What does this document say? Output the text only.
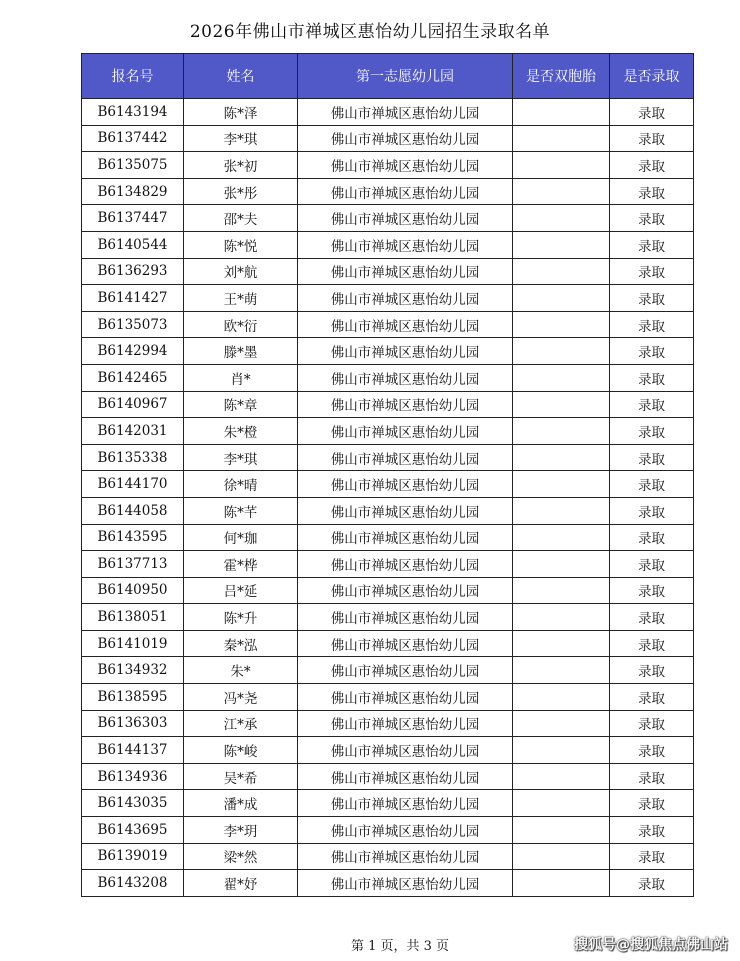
2026年佛山市禅城区惠怡幼儿园招生录取名单
报名号	姓名	第一志愿幼儿园	是否双胞胎	是否录取
B6143194	陈*泽	佛山市禅城区惠怡幼儿园		录取
B6137442	李*琪	佛山市禅城区惠怡幼儿园		录取
B6135075	张*初	佛山市禅城区惠怡幼儿园		录取
B6134829	张*彤	佛山市禅城区惠怡幼儿园		录取
B6137447	邵*夫	佛山市禅城区惠怡幼儿园		录取
B6140544	陈*悦	佛山市禅城区惠怡幼儿园		录取
B6136293	刘*航	佛山市禅城区惠怡幼儿园		录取
B6141427	王*萌	佛山市禅城区惠怡幼儿园		录取
B6135073	欧*衍	佛山市禅城区惠怡幼儿园		录取
B6142994	滕*墨	佛山市禅城区惠怡幼儿园		录取
B6142465	肖*	佛山市禅城区惠怡幼儿园		录取
B6140967	陈*章	佛山市禅城区惠怡幼儿园		录取
B6142031	朱*橙	佛山市禅城区惠怡幼儿园		录取
B6135338	李*琪	佛山市禅城区惠怡幼儿园		录取
B6144170	徐*晴	佛山市禅城区惠怡幼儿园		录取
B6144058	陈*芊	佛山市禅城区惠怡幼儿园		录取
B6143595	何*珈	佛山市禅城区惠怡幼儿园		录取
B6137713	霍*桦	佛山市禅城区惠怡幼儿园		录取
B6140950	吕*延	佛山市禅城区惠怡幼儿园		录取
B6138051	陈*升	佛山市禅城区惠怡幼儿园		录取
B6141019	秦*泓	佛山市禅城区惠怡幼儿园		录取
B6134932	朱*	佛山市禅城区惠怡幼儿园		录取
B6138595	冯*尧	佛山市禅城区惠怡幼儿园		录取
B6136303	江*承	佛山市禅城区惠怡幼儿园		录取
B6144137	陈*峻	佛山市禅城区惠怡幼儿园		录取
B6134936	吴*希	佛山市禅城区惠怡幼儿园		录取
B6143035	潘*成	佛山市禅城区惠怡幼儿园		录取
B6143695	李*玥	佛山市禅城区惠怡幼儿园		录取
B6139019	梁*然	佛山市禅城区惠怡幼儿园		录取
B6143208	翟*妤	佛山市禅城区惠怡幼儿园		录取
第 1 页，共 3 页	搜狐号@搜狐焦点佛山站
